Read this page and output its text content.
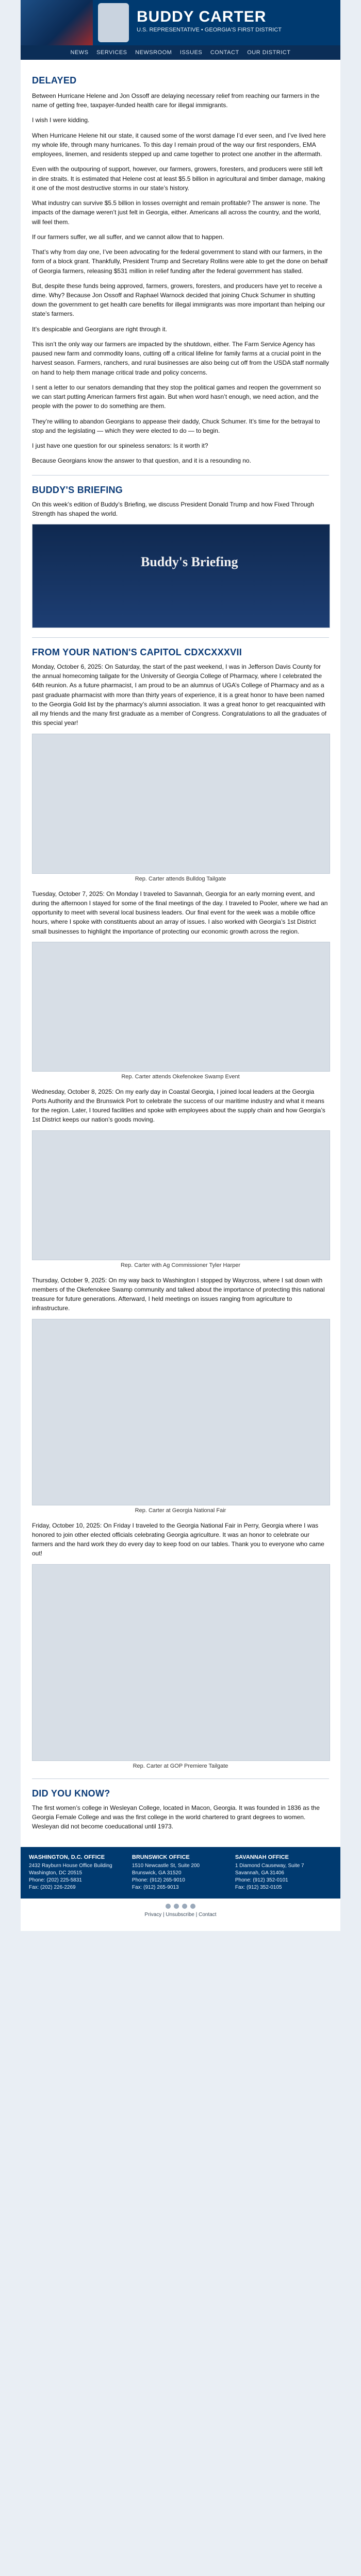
BUDDY CARTER
U.S. REPRESENTATIVE • GEORGIA'S FIRST DISTRICT
NEWS SERVICES NEWSROOM ISSUES CONTACT OUR DISTRICT
DELAYED

Between Hurricane Helene and Jon Ossoff are delaying necessary relief from reaching our farmers in the name of getting free, taxpayer-funded health care for illegal immigrants.

I wish I were kidding.

When Hurricane Helene hit our state, it caused some of the worst damage I’d ever seen, and I’ve lived here my whole life, through many hurricanes. To this day I remain proud of the way our first responders, EMA employees, linemen, and residents stepped up and came together to protect one another in the aftermath.

Even with the outpouring of support, however, our farmers, growers, foresters, and producers were still left in dire straits. It is estimated that Helene cost at least $5.5 billion in agricultural and timber damage, making it one of the most destructive storms in our state’s history.

What industry can survive $5.5 billion in losses overnight and remain profitable? The answer is none. The impacts of the damage weren’t just felt in Georgia, either. Americans all across the country, and the world, will feel them.

If our farmers suffer, we all suffer, and we cannot allow that to happen.

That’s why from day one, I’ve been advocating for the federal government to stand with our farmers, in the form of a block grant. Thankfully, President Trump and Secretary Rollins were able to get the done on behalf of Georgia farmers, releasing $531 million in relief funding after the federal government has stalled.

But, despite these funds being approved, farmers, growers, foresters, and producers have yet to receive a dime. Why? Because Jon Ossoff and Raphael Warnock decided that joining Chuck Schumer in shutting down the government to get health care benefits for illegal immigrants was more important than helping our state’s farmers.

It’s despicable and Georgians are right through it.

This isn’t the only way our farmers are impacted by the shutdown, either. The Farm Service Agency has paused new farm and commodity loans, cutting off a critical lifeline for family farms at a crucial point in the harvest season. Farmers, ranchers, and rural businesses are also being cut off from the USDA staff normally on hand to help them manage critical trade and policy concerns.

I sent a letter to our senators demanding that they stop the political games and reopen the government so we can start putting American farmers first again. But when word hasn’t enough, we need action, and the people with the power to do something are them.

They’re willing to abandon Georgians to appease their daddy, Chuck Schumer. It’s time for the betrayal to stop and the legislating — which they were elected to do — to begin.

I just have one question for our spineless senators: Is it worth it?

Because Georgians know the answer to that question, and it is a resounding no.

BUDDY'S BRIEFING

On this week’s edition of Buddy’s Briefing, we discuss President Donald Trump and how Fixed Through Strength has shaped the world.

Buddy's Briefing
FROM YOUR NATION'S CAPITOL CDXCXXXVII

Monday, October 6, 2025: On Saturday, the start of the past weekend, I was in Jefferson Davis County for the annual homecoming tailgate for the University of Georgia College of Pharmacy, where I celebrated the 64th reunion. As a future pharmacist, I am proud to be an alumnus of UGA’s College of Pharmacy and as a past graduate pharmacist with more than thirty years of experience, it is a great honor to have been named to the Georgia Gold list by the pharmacy’s alumni association. It was a great honor to get reacquainted with all my friends and the many first graduate as a member of Congress. Congratulations to all the graduates of this special year!

Rep. Carter attends Bulldog Tailgate

Tuesday, October 7, 2025: On Monday I traveled to Savannah, Georgia for an early morning event, and during the afternoon I stayed for some of the final meetings of the day. I traveled to Pooler, where we had an opportunity to meet with several local business leaders. Our final event for the week was a mobile office hours, where I spoke with constituents about an array of issues. I also worked with Georgia’s 1st District small businesses to highlight the importance of protecting our economic growth across the region.

Rep. Carter attends Okefenokee Swamp Event

Wednesday, October 8, 2025: On my early day in Coastal Georgia, I joined local leaders at the Georgia Ports Authority and the Brunswick Port to celebrate the success of our maritime industry and what it means for the region. Later, I toured facilities and spoke with employees about the supply chain and how Georgia’s 1st District keeps our nation’s goods moving.

Rep. Carter with Ag Commissioner Tyler Harper

Thursday, October 9, 2025: On my way back to Washington I stopped by Waycross, where I sat down with members of the Okefenokee Swamp community and talked about the importance of protecting this national treasure for future generations. Afterward, I held meetings on issues ranging from agriculture to infrastructure.

Rep. Carter at Georgia National Fair

Friday, October 10, 2025: On Friday I traveled to the Georgia National Fair in Perry, Georgia where I was honored to join other elected officials celebrating Georgia agriculture. It was an honor to celebrate our farmers and the hard work they do every day to keep food on our tables. Thank you to everyone who came out!

Rep. Carter at GOP Premiere Tailgate
DID YOU KNOW?

The first women’s college in Wesleyan College, located in Macon, Georgia. It was founded in 1836 as the Georgia Female College and was the first college in the world chartered to grant degrees to women. Wesleyan did not become coeducational until 1973.

WASHINGTON, D.C. OFFICE
2432 Rayburn House Office Building
Washington, DC 20515
Phone: (202) 225-5831
Fax: (202) 226-2269
BRUNSWICK OFFICE
1510 Newcastle St, Suite 200
Brunswick, GA 31520
Phone: (912) 265-9010
Fax: (912) 265-9013
SAVANNAH OFFICE
1 Diamond Causeway, Suite 7
Savannah, GA 31406
Phone: (912) 352-0101
Fax: (912) 352-0105
Privacy | Unsubscribe | Contact
